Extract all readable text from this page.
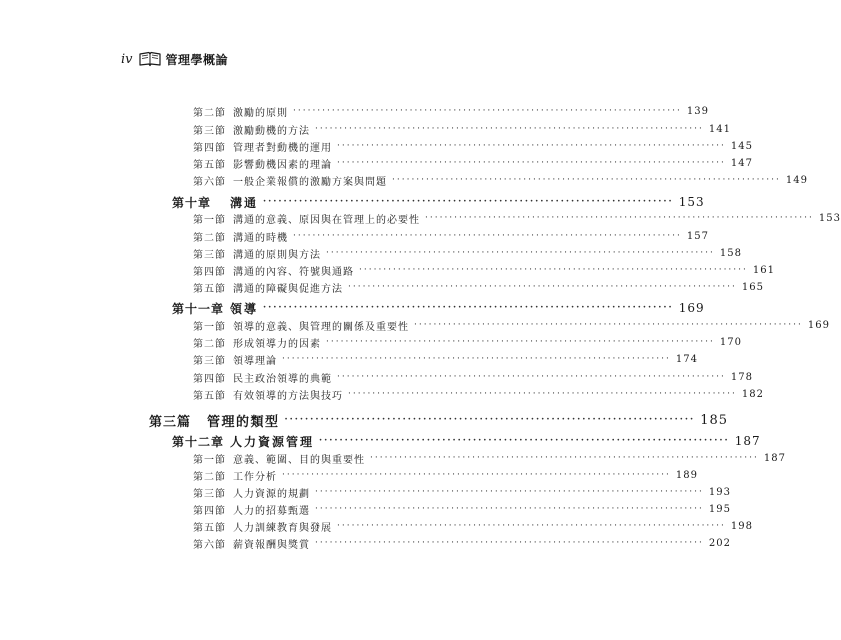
iv	管理學概論
第二節 激勵的原則 ················································································ 139
第三節 激勵動機的方法 ················································································ 141
第四節 管理者對動機的運用 ················································································ 145
第五節 影響動機因素的理論 ················································································ 147
第六節 一般企業報償的激勵方案與問題 ················································································ 149
第十章	溝通 ················································································ 153
第一節 溝通的意義、原因與在管理上的必要性 ················································································ 153
第二節 溝通的時機 ················································································ 157
第三節 溝通的原則與方法 ················································································ 158
第四節 溝通的內容、符號與通路 ················································································ 161
第五節 溝通的障礙與促進方法 ················································································ 165
第十一章 領導 ················································································ 169
第一節 領導的意義、與管理的關係及重要性 ················································································ 169
第二節 形成領導力的因素 ················································································ 170
第三節 領導理論 ················································································ 174
第四節 民主政治領導的典範 ················································································ 178
第五節 有效領導的方法與技巧 ················································································ 182
第三篇	管理的類型 ················································································ 185
第十二章 人力資源管理 ················································································ 187
第一節 意義、範圍、目的與重要性 ················································································ 187
第二節 工作分析 ················································································ 189
第三節 人力資源的規劃 ················································································ 193
第四節 人力的招募甄選 ················································································ 195
第五節 人力訓練教育與發展 ················································································ 198
第六節 薪資報酬與獎賞 ················································································ 202
